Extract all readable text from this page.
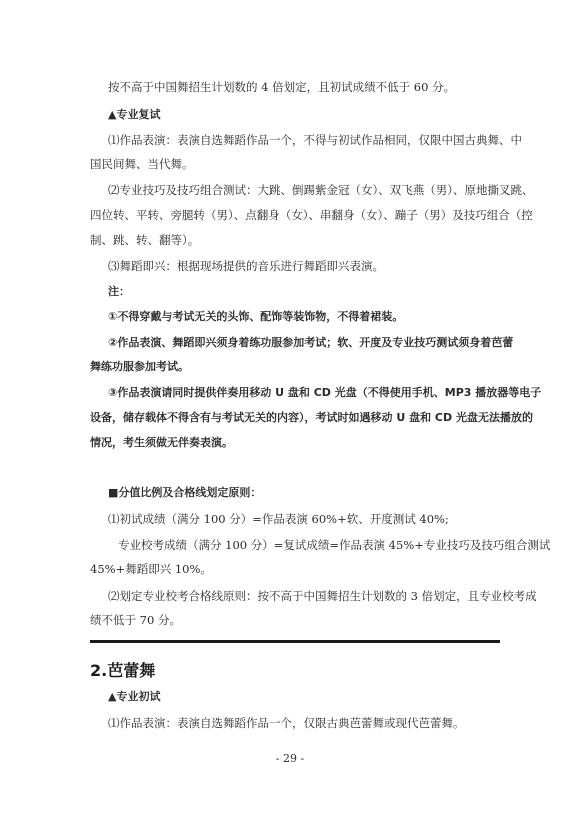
按不高于中国舞招生计划数的 4 倍划定，且初试成绩不低于 60 分。
▲专业复试
⑴作品表演：表演自选舞蹈作品一个，不得与初试作品相同，仅限中国古典舞、中
国民间舞、当代舞。
⑵专业技巧及技巧组合测试：大跳、倒踢紫金冠（女）、双飞燕（男）、原地撕叉跳、
四位转、平转、旁腿转（男）、点翻身（女）、串翻身（女）、蹦子（男）及技巧组合（控
制、跳、转、翻等）。
⑶舞蹈即兴：根据现场提供的音乐进行舞蹈即兴表演。
注：
①不得穿戴与考试无关的头饰、配饰等装饰物，不得着裙装。
②作品表演、舞蹈即兴须身着练功服参加考试；软、开度及专业技巧测试须身着芭蕾
舞练功服参加考试。
③作品表演请同时提供伴奏用移动 U 盘和 CD 光盘（不得使用手机、MP3 播放器等电子
设备，储存载体不得含有与考试无关的内容），考试时如遇移动 U 盘和 CD 光盘无法播放的
情况，考生须做无伴奏表演。
■分值比例及合格线划定原则：
⑴初试成绩（满分 100 分）=作品表演 60%+软、开度测试 40%;
专业校考成绩（满分 100 分）=复试成绩=作品表演 45%+专业技巧及技巧组合测试
45%+舞蹈即兴 10%。
⑵划定专业校考合格线原则：按不高于中国舞招生计划数的 3 倍划定，且专业校考成
绩不低于 70 分。
2.芭蕾舞
▲专业初试
⑴作品表演：表演自选舞蹈作品一个，仅限古典芭蕾舞或现代芭蕾舞。
- 29 -
